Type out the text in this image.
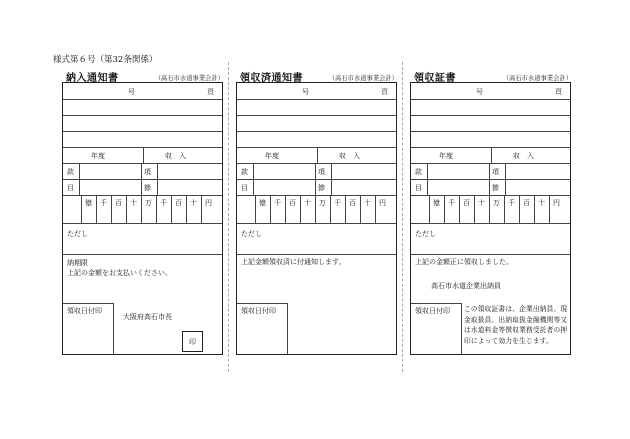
様式第６号（第32条関係）
納入通知書	（高石市水道事業会計）
号	頁
年度	収　入
款	項
目	節
億 千 百 十 万 千 百 十 円
ただし
納期限
上記の金額をお支払いください。
領収日付印
大阪府高石市長
印
領収済通知書	（高石市水道事業会計）
号	頁
年度	収　入
款	項
目	節
億 千 百 十 万 千 百 十 円
ただし
上記金額領収済に付通知します。
領収日付印
領収証書	（高石市水道事業会計）
号	頁
年度	収　入
款	項
目	節
億 千 百 十 万 千 百 十 円
ただし
上記の金額正に領収しました。
高石市水道企業出納員
領収日付印 この領収証書は、企業出納員、現金取扱員、出納取扱金融機関等又は水道料金等徴収業務受託者の押印によって効力を生じます。
